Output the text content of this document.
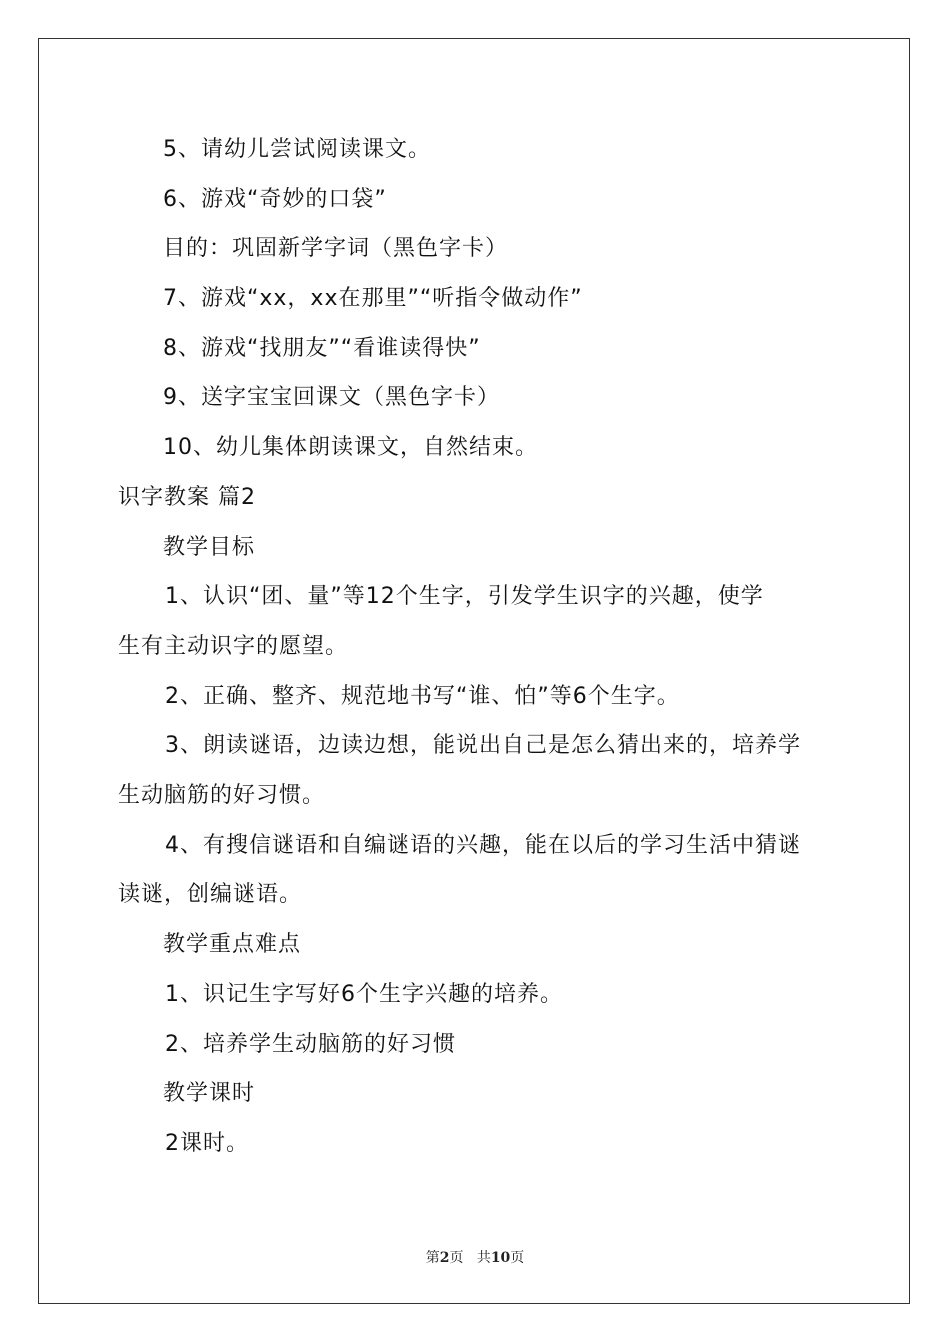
5、请幼儿尝试阅读课文。
6、游戏“奇妙的口袋”
目的：巩固新学字词（黑色字卡）
7、游戏“xx，xx在那里”“听指令做动作”
8、游戏“找朋友”“看谁读得快”
9、送字宝宝回课文（黑色字卡）
10、幼儿集体朗读课文，自然结束。
识字教案 篇2
教学目标
1、认识“团、量”等12个生字，引发学生识字的兴趣，使学
生有主动识字的愿望。
2、正确、整齐、规范地书写“谁、怕”等6个生字。
3、朗读谜语，边读边想，能说出自己是怎么猜出来的，培养学
生动脑筋的好习惯。
4、有搜信谜语和自编谜语的兴趣，能在以后的学习生活中猜谜
读谜，创编谜语。
教学重点难点
1、识记生字写好6个生字兴趣的培养。
2、培养学生动脑筋的好习惯
教学课时
2课时。
第2页 共10页
